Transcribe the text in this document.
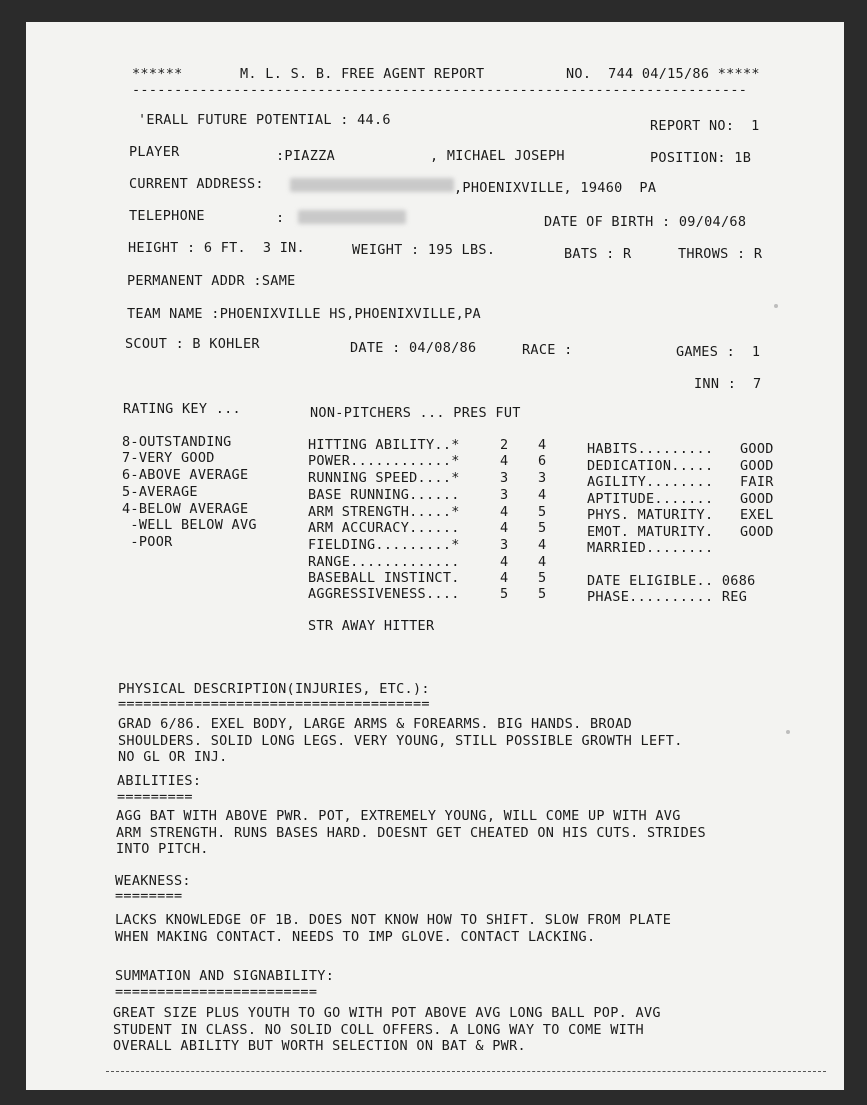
******	M. L. S. B. FREE AGENT REPORT	NO.  744 04/15/86 *****
-------------------------------------------------------------------------
'ERALL FUTURE POTENTIAL : 44.6	REPORT NO:  1
PLAYER	:PIAZZA	, MICHAEL JOSEPH	POSITION: 1B
CURRENT ADDRESS:	,PHOENIXVILLE, 19460  PA
TELEPHONE	:	DATE OF BIRTH : 09/04/68
HEIGHT : 6 FT.  3 IN.	WEIGHT : 195 LBS.	BATS : R	THROWS : R
PERMANENT ADDR :SAME
TEAM NAME :PHOENIXVILLE HS,PHOENIXVILLE,PA
SCOUT : B KOHLER	DATE : 04/08/86	RACE :	GAMES :  1
INN :  7
RATING KEY ...	NON-PITCHERS ... PRES FUT
8-OUTSTANDING
7-VERY GOOD
6-ABOVE AVERAGE
5-AVERAGE
4-BELOW AVERAGE
-WELL BELOW AVG
-POOR
HITTING ABILITY..*	2 4
POWER............*	4 6
RUNNING SPEED....*	3 3
BASE RUNNING......	3 4
ARM STRENGTH.....*	4 5
ARM ACCURACY......	4 5
FIELDING.........*	3 4
RANGE.............	4 4
BASEBALL INSTINCT.	4 5
AGGRESSIVENESS....	5 5
HABITS......... GOOD
DEDICATION..... GOOD
AGILITY........ FAIR
APTITUDE....... GOOD
PHYS. MATURITY. EXEL
EMOT. MATURITY. GOOD
MARRIED........
DATE ELIGIBLE.. 0686
PHASE.......... REG
STR AWAY HITTER
PHYSICAL DESCRIPTION(INJURIES, ETC.):
=====================================
GRAD 6/86. EXEL BODY, LARGE ARMS & FOREARMS. BIG HANDS. BROAD
SHOULDERS. SOLID LONG LEGS. VERY YOUNG, STILL POSSIBLE GROWTH LEFT.
NO GL OR INJ.
ABILITIES:
=========
AGG BAT WITH ABOVE PWR. POT, EXTREMELY YOUNG, WILL COME UP WITH AVG
ARM STRENGTH. RUNS BASES HARD. DOESNT GET CHEATED ON HIS CUTS. STRIDES
INTO PITCH.
WEAKNESS:
========
LACKS KNOWLEDGE OF 1B. DOES NOT KNOW HOW TO SHIFT. SLOW FROM PLATE
WHEN MAKING CONTACT. NEEDS TO IMP GLOVE. CONTACT LACKING.
SUMMATION AND SIGNABILITY:
========================
GREAT SIZE PLUS YOUTH TO GO WITH POT ABOVE AVG LONG BALL POP. AVG
STUDENT IN CLASS. NO SOLID COLL OFFERS. A LONG WAY TO COME WITH
OVERALL ABILITY BUT WORTH SELECTION ON BAT & PWR.
